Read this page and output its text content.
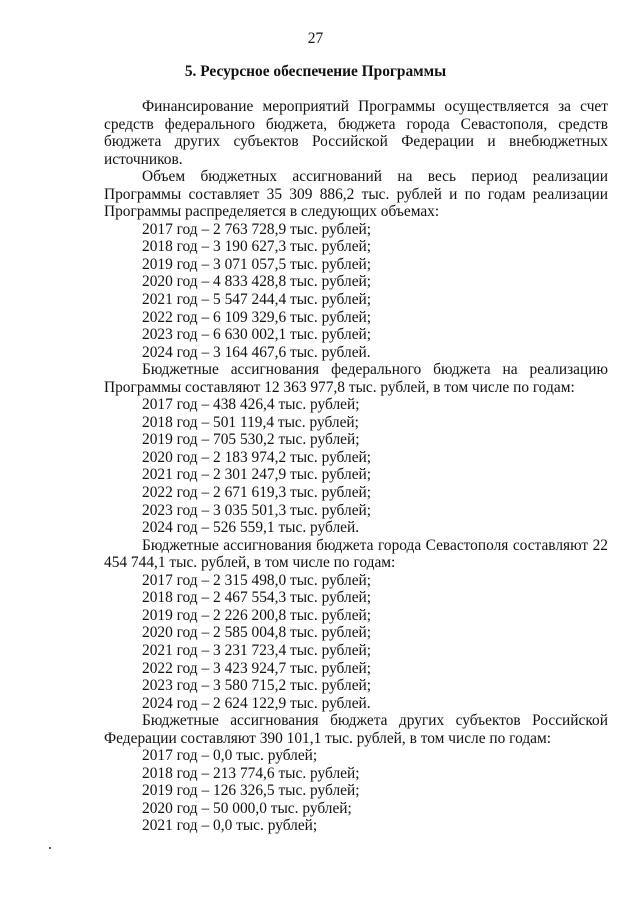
27
5. Ресурсное обеспечение Программы
Финансирование мероприятий Программы осуществляется за счет средств федерального бюджета, бюджета города Севастополя, средств бюджета других субъектов Российской Федерации и внебюджетных источников.
Объем бюджетных ассигнований на весь период реализации Программы составляет 35 309 886,2 тыс. рублей и по годам реализации Программы распределяется в следующих объемах:
2017 год – 2 763 728,9 тыс. рублей;
2018 год – 3 190 627,3 тыс. рублей;
2019 год – 3 071 057,5 тыс. рублей;
2020 год – 4 833 428,8 тыс. рублей;
2021 год – 5 547 244,4 тыс. рублей;
2022 год – 6 109 329,6 тыс. рублей;
2023 год – 6 630 002,1 тыс. рублей;
2024 год – 3 164 467,6 тыс. рублей.
Бюджетные ассигнования федерального бюджета на реализацию Программы составляют 12 363 977,8 тыс. рублей, в том числе по годам:
2017 год – 438 426,4 тыс. рублей;
2018 год – 501 119,4 тыс. рублей;
2019 год – 705 530,2 тыс. рублей;
2020 год – 2 183 974,2 тыс. рублей;
2021 год – 2 301 247,9 тыс. рублей;
2022 год – 2 671 619,3 тыс. рублей;
2023 год – 3 035 501,3 тыс. рублей;
2024 год – 526 559,1 тыс. рублей.
Бюджетные ассигнования бюджета города Севастополя составляют 22 454 744,1 тыс. рублей, в том числе по годам:
2017 год – 2 315 498,0 тыс. рублей;
2018 год – 2 467 554,3 тыс. рублей;
2019 год – 2 226 200,8 тыс. рублей;
2020 год – 2 585 004,8 тыс. рублей;
2021 год – 3 231 723,4 тыс. рублей;
2022 год – 3 423 924,7 тыс. рублей;
2023 год – 3 580 715,2 тыс. рублей;
2024 год – 2 624 122,9 тыс. рублей.
Бюджетные ассигнования бюджета других субъектов Российской Федерации составляют 390 101,1 тыс. рублей, в том числе по годам:
2017 год – 0,0 тыс. рублей;
2018 год – 213 774,6 тыс. рублей;
2019 год – 126 326,5 тыс. рублей;
2020 год – 50 000,0 тыс. рублей;
2021 год – 0,0 тыс. рублей;
